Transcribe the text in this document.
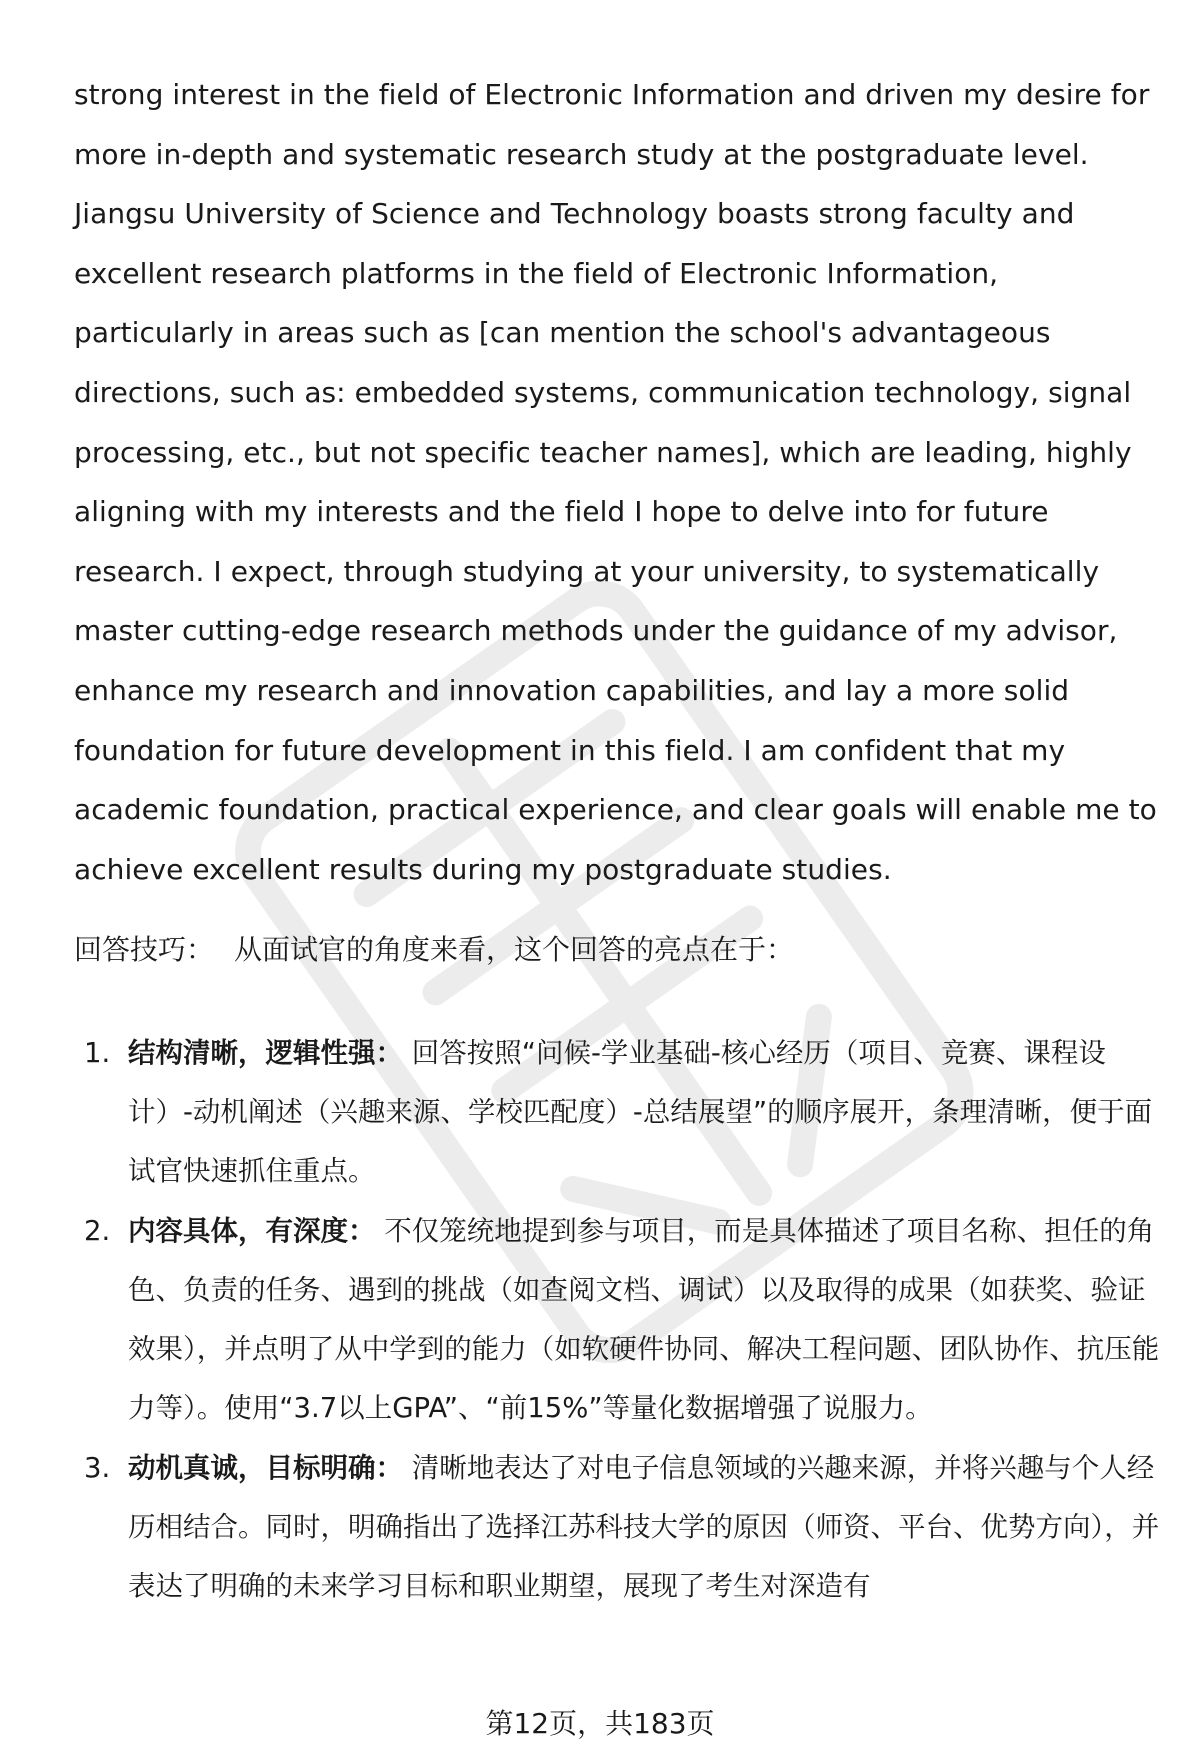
strong interest in the field of Electronic Information and driven my desire for more in-depth and systematic research study at the postgraduate level. Jiangsu University of Science and Technology boasts strong faculty and excellent research platforms in the field of Electronic Information, particularly in areas such as [can mention the school's advantageous directions, such as: embedded systems, communication technology, signal processing, etc., but not specific teacher names], which are leading, highly aligning with my interests and the field I hope to delve into for future research. I expect, through studying at your university, to systematically master cutting-edge research methods under the guidance of my advisor, enhance my research and innovation capabilities, and lay a more solid foundation for future development in this field. I am confident that my academic foundation, practical experience, and clear goals will enable me to achieve excellent results during my postgraduate studies.

回答技巧： 从面试官的角度来看，这个回答的亮点在于：

1. 结构清晰，逻辑性强： 回答按照“问候-学业基础-核心经历（项目、竞赛、课程设计）-动机阐述（兴趣来源、学校匹配度）-总结展望”的顺序展开，条理清晰，便于面试官快速抓住重点。
2. 内容具体，有深度： 不仅笼统地提到参与项目，而是具体描述了项目名称、担任的角色、负责的任务、遇到的挑战（如查阅文档、调试）以及取得的成果（如获奖、验证效果），并点明了从中学到的能力（如软硬件协同、解决工程问题、团队协作、抗压能力等）。使用“3.7以上GPA”、“前15%”等量化数据增强了说服力。
3. 动机真诚，目标明确： 清晰地表达了对电子信息领域的兴趣来源，并将兴趣与个人经历相结合。同时，明确指出了选择江苏科技大学的原因（师资、平台、优势方向），并表达了明确的未来学习目标和职业期望，展现了考生对深造有
第12页，共183页
